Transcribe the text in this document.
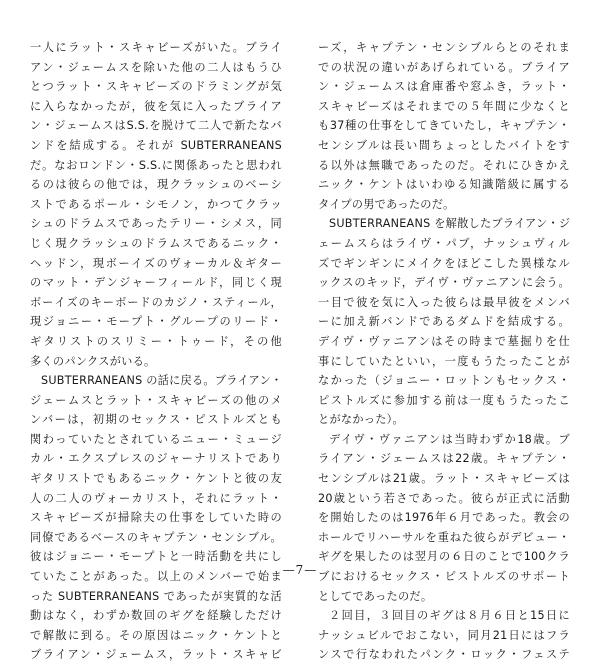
一人にラット・スキャビーズがいた。ブライ
アン・ジェームスを除いた他の二人はもうひ
とつラット・スキャビーズのドラミングが気
に入らなかったが，彼を気に入ったブライア
ン・ジェームスはS.S.を脱けて二人で新たなバ
ンドを結成する。それが SUBTERRANEANS
だ。なおロンドン・S.S.に関係あったと思われ
るのは彼らの他では，現クラッシュのベーシ
ストであるポール・シモノン，かつてクラッ
シュのドラムスであったテリー・シメス，同
じく現クラッシュのドラムスであるニック・
ヘッドン，現ボーイズのヴォーカル＆ギター
のマット・デンジャーフィールド，同じく現
ボーイズのキーボードのカジノ・スティール，
現ジョニー・モープト・グループのリード・
ギタリストのスリミー・トゥード，その他
多くのパンクスがいる。
SUBTERRANEANS の話に戻る。ブライアン・
ジェームスとラット・スキャビーズの他のメ
ンバーは，初期のセックス・ピストルズとも
関わっていたとされているニュー・ミュージ
カル・エクスプレスのジャーナリストであり
ギタリストでもあるニック・ケントと彼の友
人の二人のヴォーカリスト，それにラット・
スキャビーズが掃除夫の仕事をしていた時の
同僚であるベースのキャプテン・センシブル。
彼はジョニー・モープトと一時活動を共にし
ていたことがあった。以上のメンバーで始ま
った SUBTERRANEANS であったが実質的な活
動はなく，わずか数回のギグを経験しただけ
で解散に到る。その原因はニック・ケントと
ブライアン・ジェームス，ラット・スキャビ
ーズ，キャプテン・センシブルらとのそれま
での状況の違いがあげられている。ブライア
ン・ジェームスは倉庫番や窓ふき，ラット・
スキャビーズはそれまでの５年間に少なくと
も37種の仕事をしてきていたし，キャプテン・
センシブルは長い間ちょっとしたバイトをす
る以外は無職であったのだ。それにひきかえ
ニック・ケントはいわゆる知識階級に属する
タイプの男であったのだ。
SUBTERRANEANS を解散したブライアン・ジ
ェームスらはライヴ・パブ，ナッシュヴィル
ズでギンギンにメイクをほどこした異様なル
ックスのキッド，デイヴ・ヴァニアンに会う。
一目で彼を気に入った彼らは最早彼をメンバ
ーに加え新バンドであるダムドを結成する。
デイヴ・ヴァニアンはその時まで墓掘りを仕
事にしていたといい，一度もうたったことが
なかった（ジョニー・ロットンもセックス・
ピストルズに参加する前は一度もうたったこ
とがなかった）。
デイヴ・ヴァニアンは当時わずか18歳。ブ
ライアン・ジェームスは22歳。キャプテン・
センシブルは21歳。ラット・スキャビーズは
20歳という若さであった。彼らが正式に活動
を開始したのは1976年６月であった。教会の
ホールでリハーサルを重ねた彼らがデビュー・
ギグを果したのは翌月の６日のことで100クラ
ブにおけるセックス・ピストルズのサポート
としてであったのだ。
２回目，３回目のギグは８月６日と15日に
ナッシュビルでおこない，同月21日にはフラ
ンスで行なわれたパンク・ロック・フェステ
—7—
